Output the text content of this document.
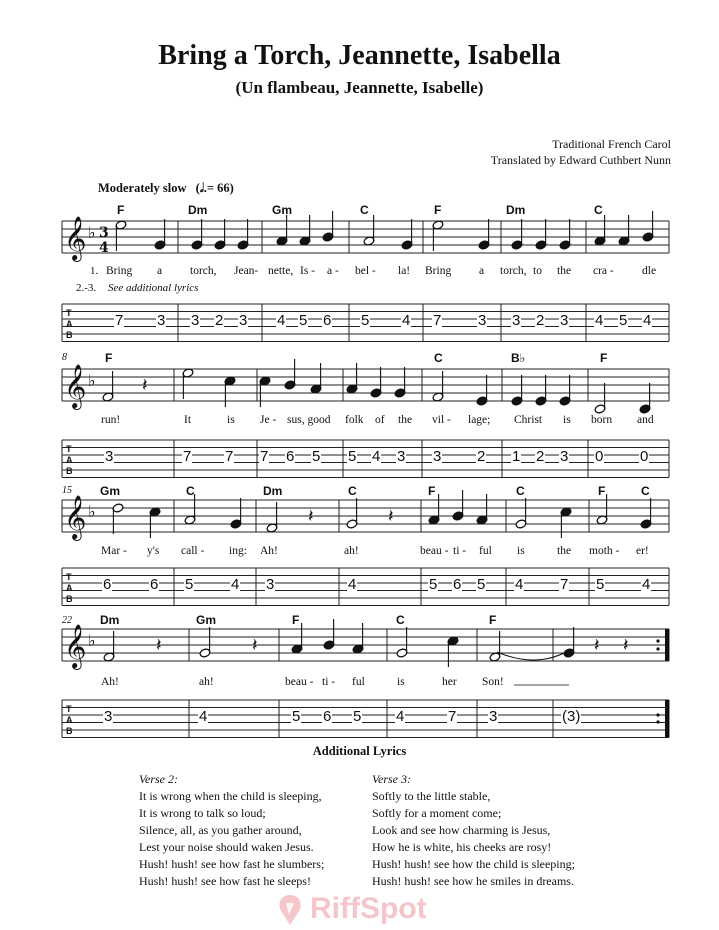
Bring a Torch, Jeannette, Isabella
(Un flambeau, Jeannette, Isabelle)
Traditional French Carol
Translated by Edward Cuthbert Nunn
Moderately slow (𝅗𝅥.= 66)
𝄽
𝄽	𝄽
𝄽	𝄽	𝄽 𝄽
𝄞 ♭
T
A
B
𝄞 ♭
T
A
B
𝄞 ♭
T
A
B
𝄞 ♭
T
A
B
3
4
F	Dm	Gm	C	F	Dm	C
1.
2.-3. See additional lyrics
Bring a torch, Jean- nette, Is - a - bel - la! Bring a torch, to the cra - dle
8	F	C	B♭	F
run!	It	is Je - sus, good folk of the vil - lage; Christ is born and
15 Gm	C	Dm	C	F	C	F	C
Mar - y's call - ing: Ah!	ah!	beau - ti - ful is	the moth - er!
22 Dm	Gm	F	C	F
Ah!	ah!	beau - ti - ful	is	her Son!
7 3 3 2 3 4 5 6 5 4 7 3 3 2 3 4 5 4
3	7 7 7 6 5 5 4 3 3 2 1 2 3 0 0
6	6 5	4 3	4	5 6 5 4 7 5	4
3	4	5 6 5 4	7 3	(3)
Additional Lyrics
Verse 2:
It is wrong when the child is sleeping,
It is wrong to talk so loud;
Silence, all, as you gather around,
Lest your noise should waken Jesus.
Hush! hush! see how fast he slumbers;
Hush! hush! see how fast he sleeps!
Verse 3:
Softly to the little stable,
Softly for a moment come;
Look and see how charming is Jesus,
How he is white, his cheeks are rosy!
Hush! hush! see how the child is sleeping;
Hush! hush! see how he smiles in dreams.
RiffSpot
